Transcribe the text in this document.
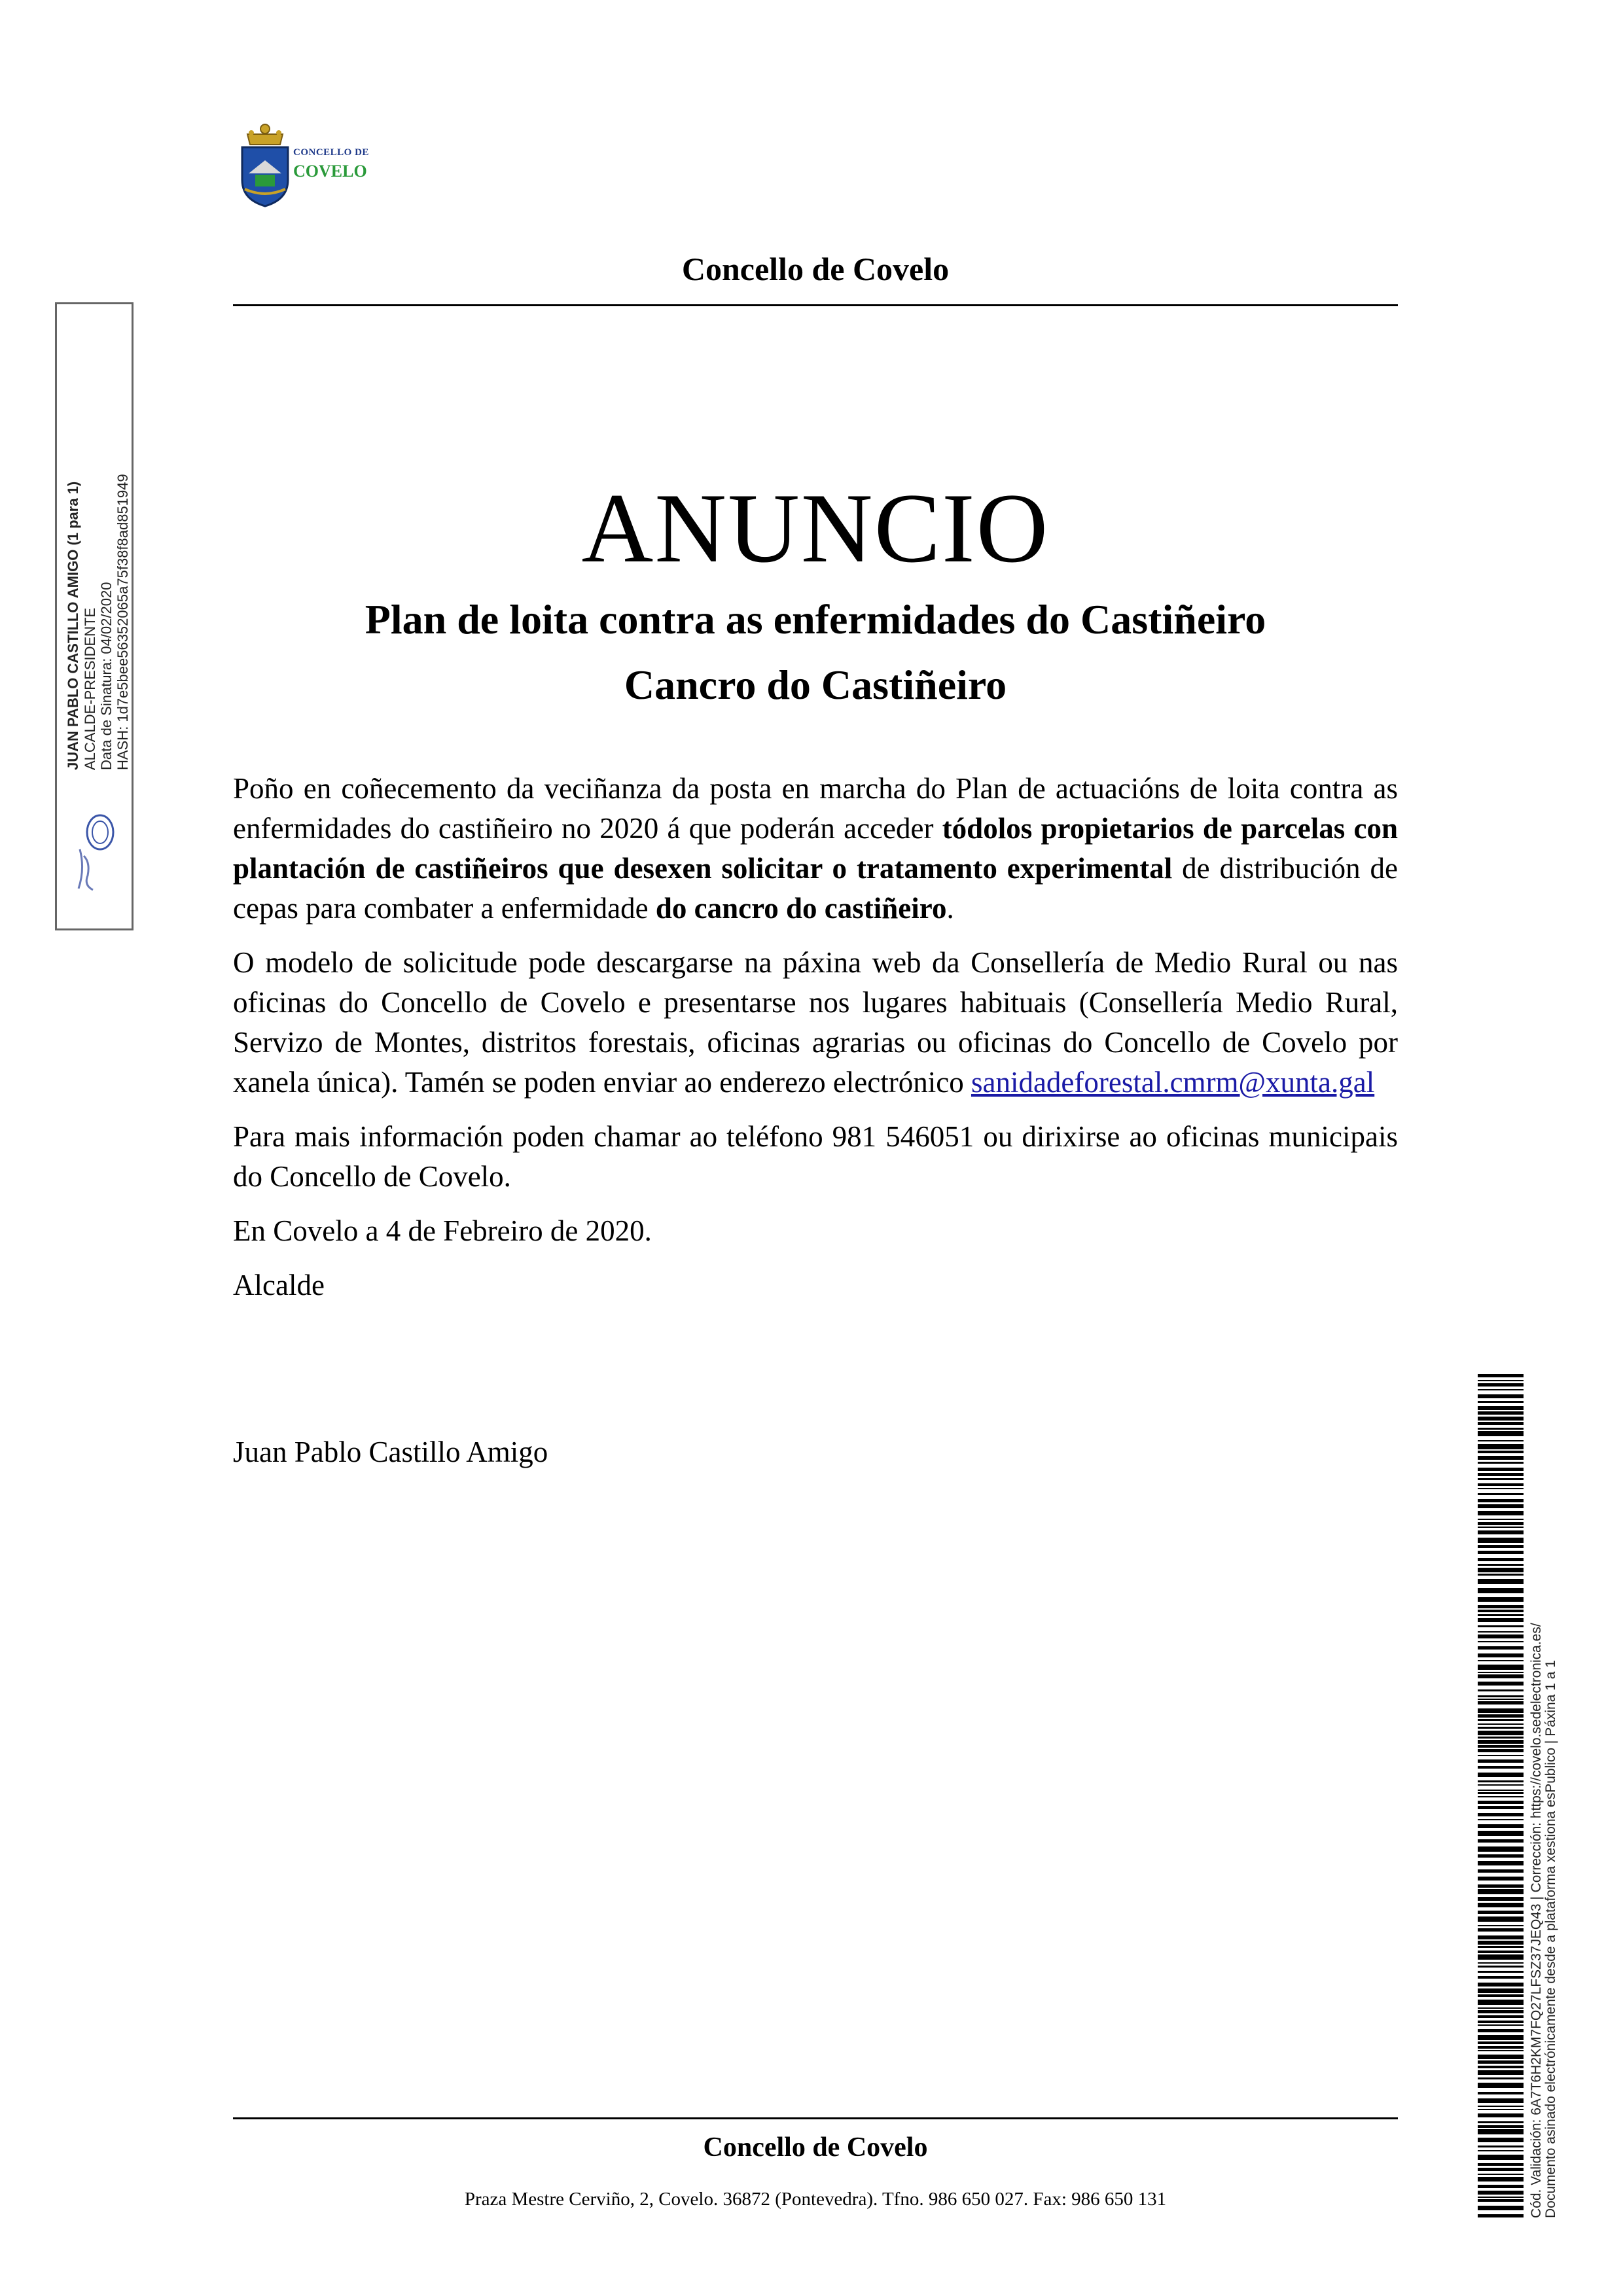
CONCELLO DE
COVELO
Concello de Covelo
JUAN PABLO CASTILLO AMIGO (1 para 1) ALCALDE-PRESIDENTE Data de Sinatura: 04/02/2020 HASH: 1d7e5bee56352065a75f38f8ad851949	ANUNCIO
Plan de loita contra as enfermidades do Castiñeiro
Cancro do Castiñeiro

Poño en coñecemento da veciñanza da posta en marcha do Plan de actuacións de loita contra as enfermidades do castiñeiro no 2020 á que poderán acceder tódolos propietarios de parcelas con plantación de castiñeiros que desexen solicitar o tratamento experimental de distribución de cepas para combater a enfermidade do cancro do castiñeiro.

O modelo de solicitude pode descargarse na páxina web da Consellería de Medio Rural ou nas oficinas do Concello de Covelo e presentarse nos lugares habituais (Consellería Medio Rural, Servizo de Montes, distritos forestais, oficinas agrarias ou oficinas do Concello de Covelo por xanela única). Tamén se poden enviar ao enderezo electrónico sanidadeforestal.cmrm@xunta.gal

Para mais información poden chamar ao teléfono 981 546051 ou dirixirse ao oficinas municipais do Concello de Covelo.

En Covelo a 4 de Febreiro de 2020.

Alcalde

Juan Pablo Castillo Amigo
Concello de Covelo
Praza Mestre Cerviño, 2, Covelo. 36872 (Pontevedra). Tfno. 986 650 027. Fax: 986 650 131	Cód. Validación: 6A7T6H2KM7FQ27LFSZ37JEQ43 | Corrección: https://covelo.sedelectronica.es/ Documento asinado electrónicamente desde a plataforma xestiona esPublico | Páxina 1 a 1
